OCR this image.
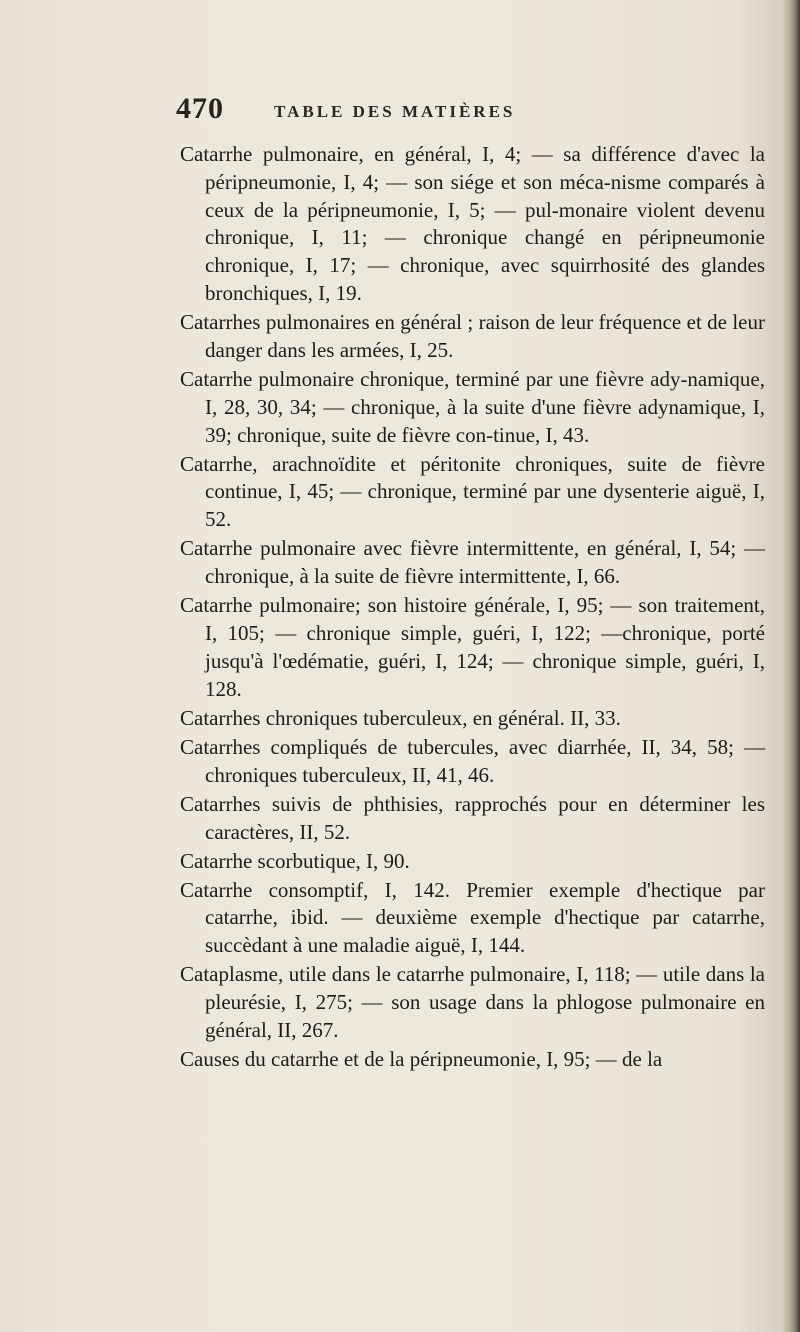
470	TABLE DES MATIÈRES

Catarrhe pulmonaire, en général, I, 4; — sa différence d'avec la péripneumonie, I, 4; — son siége et son méca-nisme comparés à ceux de la péripneumonie, I, 5; — pul-monaire violent devenu chronique, I, 11; — chronique changé en péripneumonie chronique, I, 17; — chronique, avec squirrhosité des glandes bronchiques, I, 19.

Catarrhes pulmonaires en général ; raison de leur fréquence et de leur danger dans les armées, I, 25.

Catarrhe pulmonaire chronique, terminé par une fièvre ady-namique, I, 28, 30, 34; — chronique, à la suite d'une fièvre adynamique, I, 39; chronique, suite de fièvre con-tinue, I, 43.

Catarrhe, arachnoïdite et péritonite chroniques, suite de fièvre continue, I, 45; — chronique, terminé par une dysenterie aiguë, I, 52.

Catarrhe pulmonaire avec fièvre intermittente, en général, I, 54; — chronique, à la suite de fièvre intermittente, I, 66.

Catarrhe pulmonaire; son histoire générale, I, 95; — son traitement, I, 105; — chronique simple, guéri, I, 122; —chronique, porté jusqu'à l'œdématie, guéri, I, 124; — chronique simple, guéri, I, 128.

Catarrhes chroniques tuberculeux, en général. II, 33.

Catarrhes compliqués de tubercules, avec diarrhée, II, 34, 58; — chroniques tuberculeux, II, 41, 46.

Catarrhes suivis de phthisies, rapprochés pour en déterminer les caractères, II, 52.

Catarrhe scorbutique, I, 90.

Catarrhe consomptif, I, 142. Premier exemple d'hectique par catarrhe, ibid. — deuxième exemple d'hectique par catarrhe, succèdant à une maladie aiguë, I, 144.

Cataplasme, utile dans le catarrhe pulmonaire, I, 118; — utile dans la pleurésie, I, 275; — son usage dans la phlogose pulmonaire en général, II, 267.

Causes du catarrhe et de la péripneumonie, I, 95; — de la
